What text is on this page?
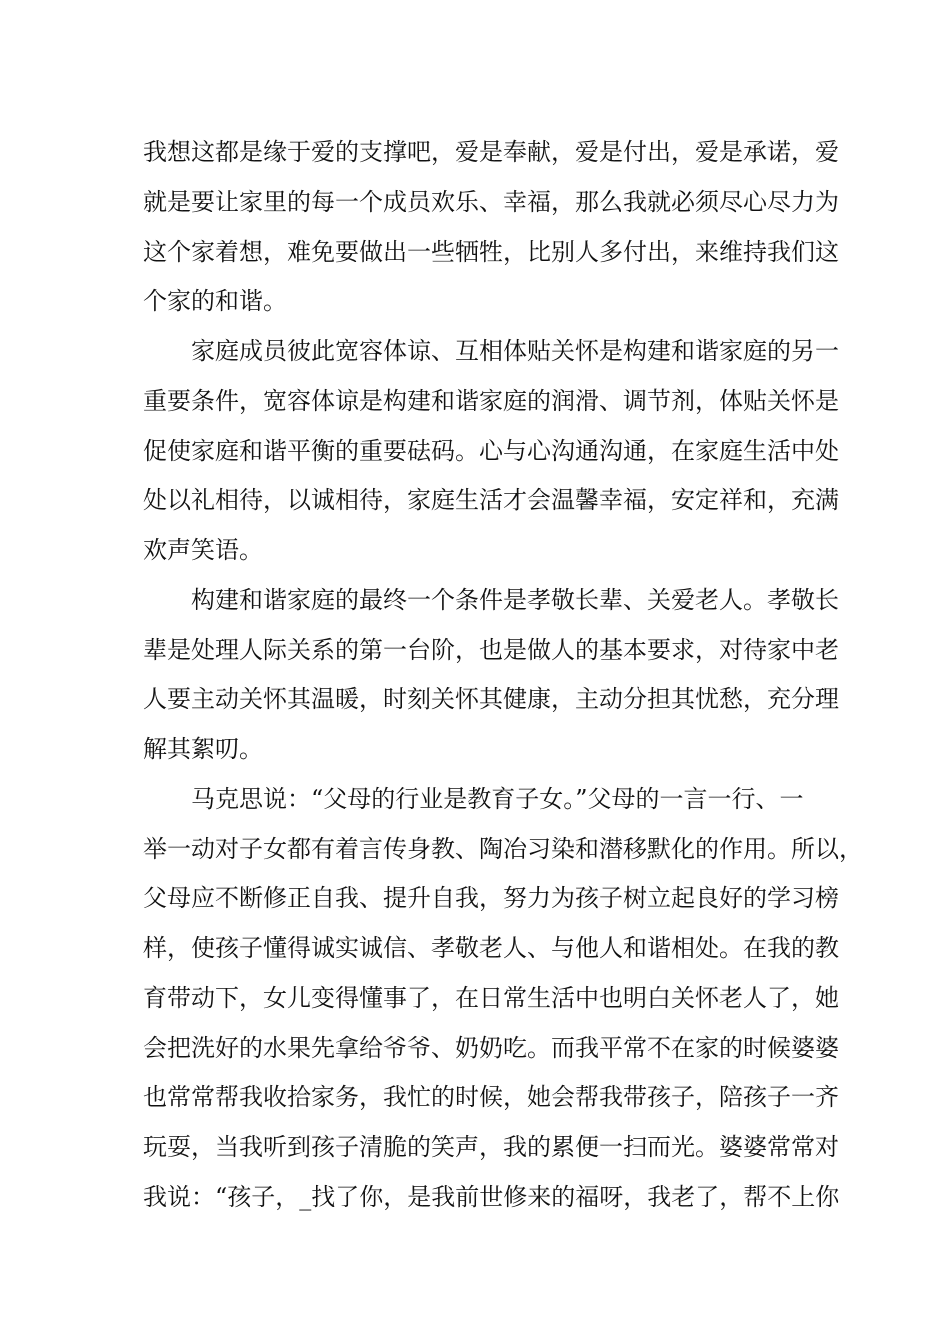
我想这都是缘于爱的支撑吧，爱是奉献，爱是付出，爱是承诺，爱

就是要让家里的每一个成员欢乐、幸福，那么我就必须尽心尽力为

这个家着想，难免要做出一些牺牲，比别人多付出，来维持我们这

个家的和谐。

　　家庭成员彼此宽容体谅、互相体贴关怀是构建和谐家庭的另一

重要条件，宽容体谅是构建和谐家庭的润滑、调节剂，体贴关怀是

促使家庭和谐平衡的重要砝码。心与心沟通沟通，在家庭生活中处

处以礼相待，以诚相待，家庭生活才会温馨幸福，安定祥和，充满

欢声笑语。

　　构建和谐家庭的最终一个条件是孝敬长辈、关爱老人。孝敬长

辈是处理人际关系的第一台阶，也是做人的基本要求，对待家中老

人要主动关怀其温暖，时刻关怀其健康，主动分担其忧愁，充分理

解其絮叨。

　　马克思说：“父母的行业是教育子女。”父母的一言一行、一

举一动对子女都有着言传身教、陶冶习染和潜移默化的作用。所以，

父母应不断修正自我、提升自我，努力为孩子树立起良好的学习榜

样，使孩子懂得诚实诚信、孝敬老人、与他人和谐相处。在我的教

育带动下，女儿变得懂事了，在日常生活中也明白关怀老人了，她

会把洗好的水果先拿给爷爷、奶奶吃。而我平常不在家的时候婆婆

也常常帮我收拾家务，我忙的时候，她会帮我带孩子，陪孩子一齐

玩耍，当我听到孩子清脆的笑声，我的累便一扫而光。婆婆常常对

我说：“孩子，_找了你，是我前世修来的福呀，我老了，帮不上你
